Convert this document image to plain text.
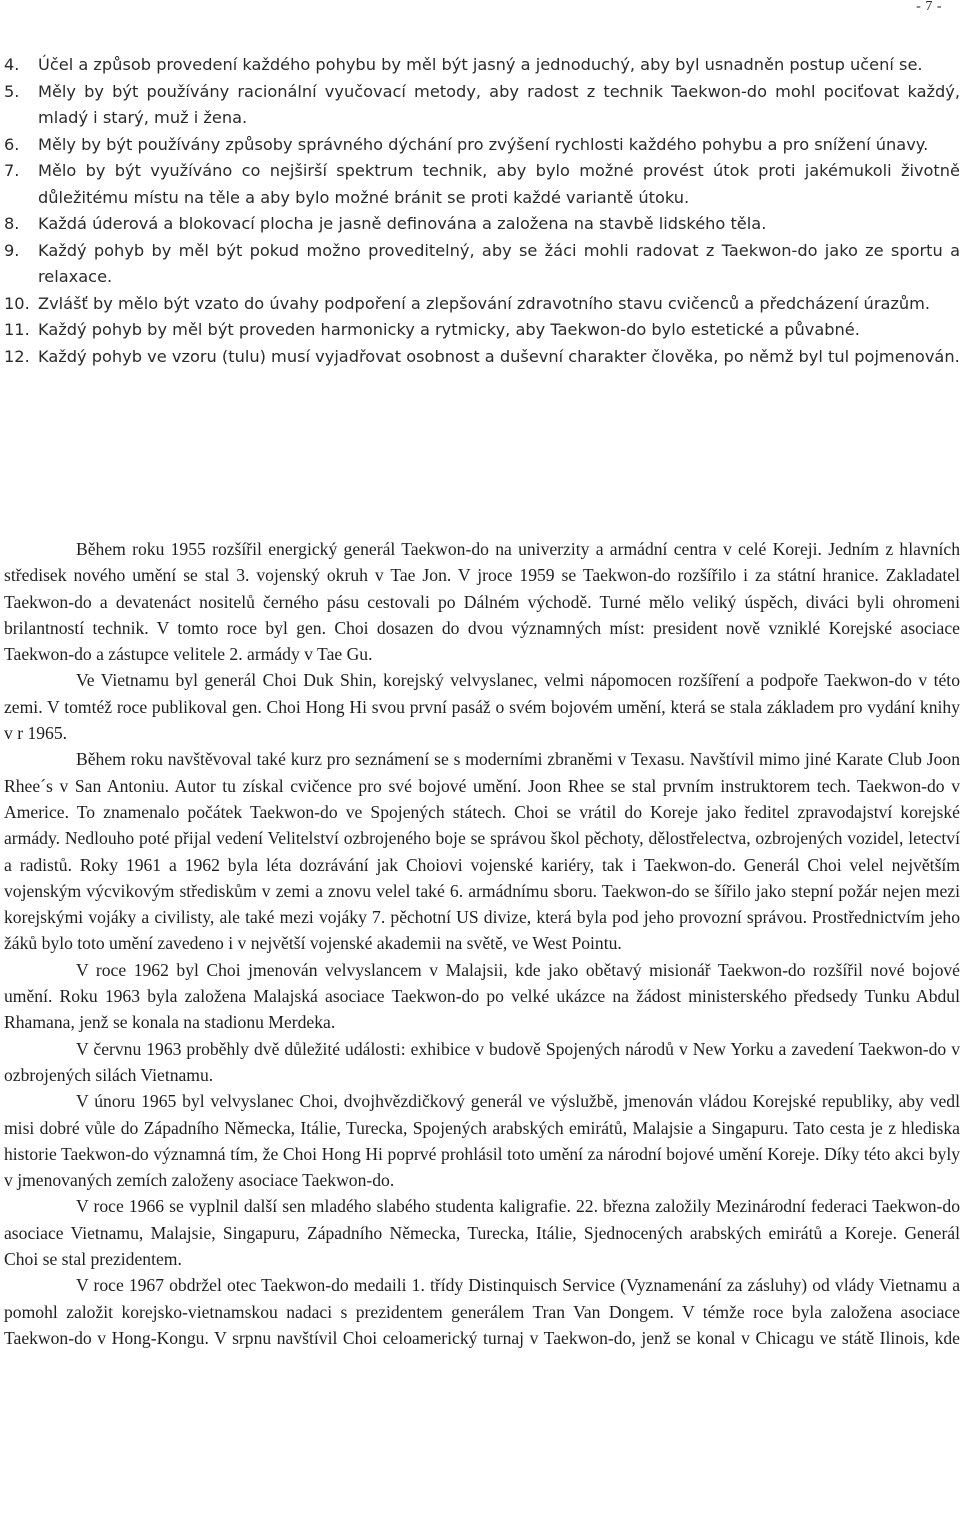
- 7 -
4. Účel a způsob provedení každého pohybu by měl být jasný a jednoduchý, aby byl usnadněn postup učení se.
5. Měly by být používány racionální vyučovací metody, aby radost z technik Taekwon-do mohl pociťovat každý, mladý i starý, muž i žena.
6. Měly by být používány způsoby správného dýchání pro zvýšení rychlosti každého pohybu a pro snížení únavy.
7. Mělo by být využíváno co nejširší spektrum technik, aby bylo možné provést útok proti jakémukoli životně důležitému místu na těle a aby bylo možné bránit se proti každé variantě útoku.
8. Každá úderová a blokovací plocha je jasně definována a založena na stavbě lidského těla.
9. Každý pohyb by měl být pokud možno proveditelný, aby se žáci mohli radovat z Taekwon-do jako ze sportu a relaxace.
10. Zvlášť by mělo být vzato do úvahy podpoření a zlepšování zdravotního stavu cvičenců a předcházení úrazům.
11. Každý pohyb by měl být proveden harmonicky a rytmicky, aby Taekwon-do bylo estetické a půvabné.
12. Každý pohyb ve vzoru (tulu) musí vyjadřovat osobnost a duševní charakter člověka, po němž byl tul pojmenován.

Během roku 1955 rozšířil energický generál Taekwon-do na univerzity a armádní centra v celé Koreji. Jedním z hlavních středisek nového umění se stal 3. vojenský okruh v Tae Jon. V jroce 1959 se Taekwon-do rozšířilo i za státní hranice. Zakladatel Taekwon-do a devatenáct nositelů černého pásu cestovali po Dálném východě. Turné mělo veliký úspěch, diváci byli ohromeni brilantností technik. V tomto roce byl gen. Choi dosazen do dvou významných míst: president nově vzniklé Korejské asociace Taekwon-do a zástupce velitele 2. armády v Tae Gu.

Ve Vietnamu byl generál Choi Duk Shin, korejský velvyslanec, velmi nápomocen rozšíření a podpoře Taekwon-do v této zemi. V tomtéž roce publikoval gen. Choi Hong Hi svou první pasáž o svém bojovém umění, která se stala základem pro vydání knihy v r 1965.

Během roku navštěvoval také kurz pro seznámení se s moderními zbraněmi v Texasu. Navštívil mimo jiné Karate Club Joon Rhee´s v San Antoniu. Autor tu získal cvičence pro své bojové umění. Joon Rhee se stal prvním instruktorem tech. Taekwon-do v Americe. To znamenalo počátek Taekwon-do ve Spojených státech. Choi se vrátil do Koreje jako ředitel zpravodajství korejské armády. Nedlouho poté přijal vedení Velitelství ozbrojeného boje se správou škol pěchoty, dělostřelectva, ozbrojených vozidel, letectví a radistů. Roky 1961 a 1962 byla léta dozrávání jak Choiovi vojenské kariéry, tak i Taekwon-do. Generál Choi velel největším vojenským výcvikovým střediskům v zemi a znovu velel také 6. armádnímu sboru. Taekwon-do se šířilo jako stepní požár nejen mezi korejskými vojáky a civilisty, ale také mezi vojáky 7. pěchotní US divize, která byla pod jeho provozní správou. Prostřednictvím jeho žáků bylo toto umění zavedeno i v největší vojenské akademii na světě, ve West Pointu.

V roce 1962 byl Choi jmenován velvyslancem v Malajsii, kde jako obětavý misionář Taekwon-do rozšířil nové bojové umění. Roku 1963 byla založena Malajská asociace Taekwon-do po velké ukázce na žádost ministerského předsedy Tunku Abdul Rhamana, jenž se konala na stadionu Merdeka.

V červnu 1963 proběhly dvě důležité události: exhibice v budově Spojených národů v New Yorku a zavedení Taekwon-do v ozbrojených silách Vietnamu.

V únoru 1965 byl velvyslanec Choi, dvojhvězdičkový generál ve výslužbě, jmenován vládou Korejské republiky, aby vedl misi dobré vůle do Západního Německa, Itálie, Turecka, Spojených arabských emirátů, Malajsie a Singapuru. Tato cesta je z hlediska historie Taekwon-do významná tím, že Choi Hong Hi poprvé prohlásil toto umění za národní bojové umění Koreje. Díky této akci byly v jmenovaných zemích založeny asociace Taekwon-do.

V roce 1966 se vyplnil další sen mladého slabého studenta kaligrafie. 22. března založily Mezinárodní federaci Taekwon-do asociace Vietnamu, Malajsie, Singapuru, Západního Německa, Turecka, Itálie, Sjednocených arabských emirátů a Koreje. Generál Choi se stal prezidentem.

V roce 1967 obdržel otec Taekwon-do medaili 1. třídy Distinquisch Service (Vyznamenání za zásluhy) od vlády Vietnamu a pomohl založit korejsko-vietnamskou nadaci s prezidentem generálem Tran Van Dongem. V témže roce byla založena asociace Taekwon-do v Hong-Kongu. V srpnu navštívil Choi celoamerický turnaj v Taekwon-do, jenž se konal v Chicagu ve státě Ilinois, kde
